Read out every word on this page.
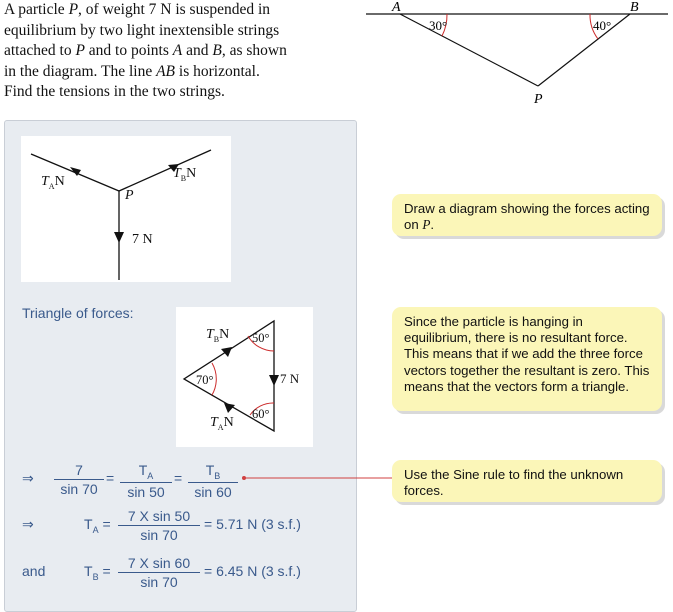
A particle P, of weight 7 N is suspended in
equilibrium by two light inextensible strings
attached to P and to points A and B, as shown
in the diagram. The line AB is horizontal.
Find the tensions in the two strings.
A	B
P
30°	40°
$T_AN$
$T_BN$
P
7 N
Triangle of forces:
$T_BN$
$T_AN$
7 N
50°
70°
60°
⇒	7
sin 70
=	$T_A$
sin 50
=	$T_B$
sin 60
⇒	$T_A$ =	7 X sin 50
sin 70
= 5.71 N (3 s.f.)
and	$T_B$ =	7 X sin 60
sin 70
= 6.45 N (3 s.f.)
Draw a diagram showing the forces acting on P.
Since the particle is hanging in equilibrium, there is no resultant force. This means that if we add the three force vectors together the resultant is zero. This means that the vectors form a triangle.
Use the Sine rule to find the unknown forces.
